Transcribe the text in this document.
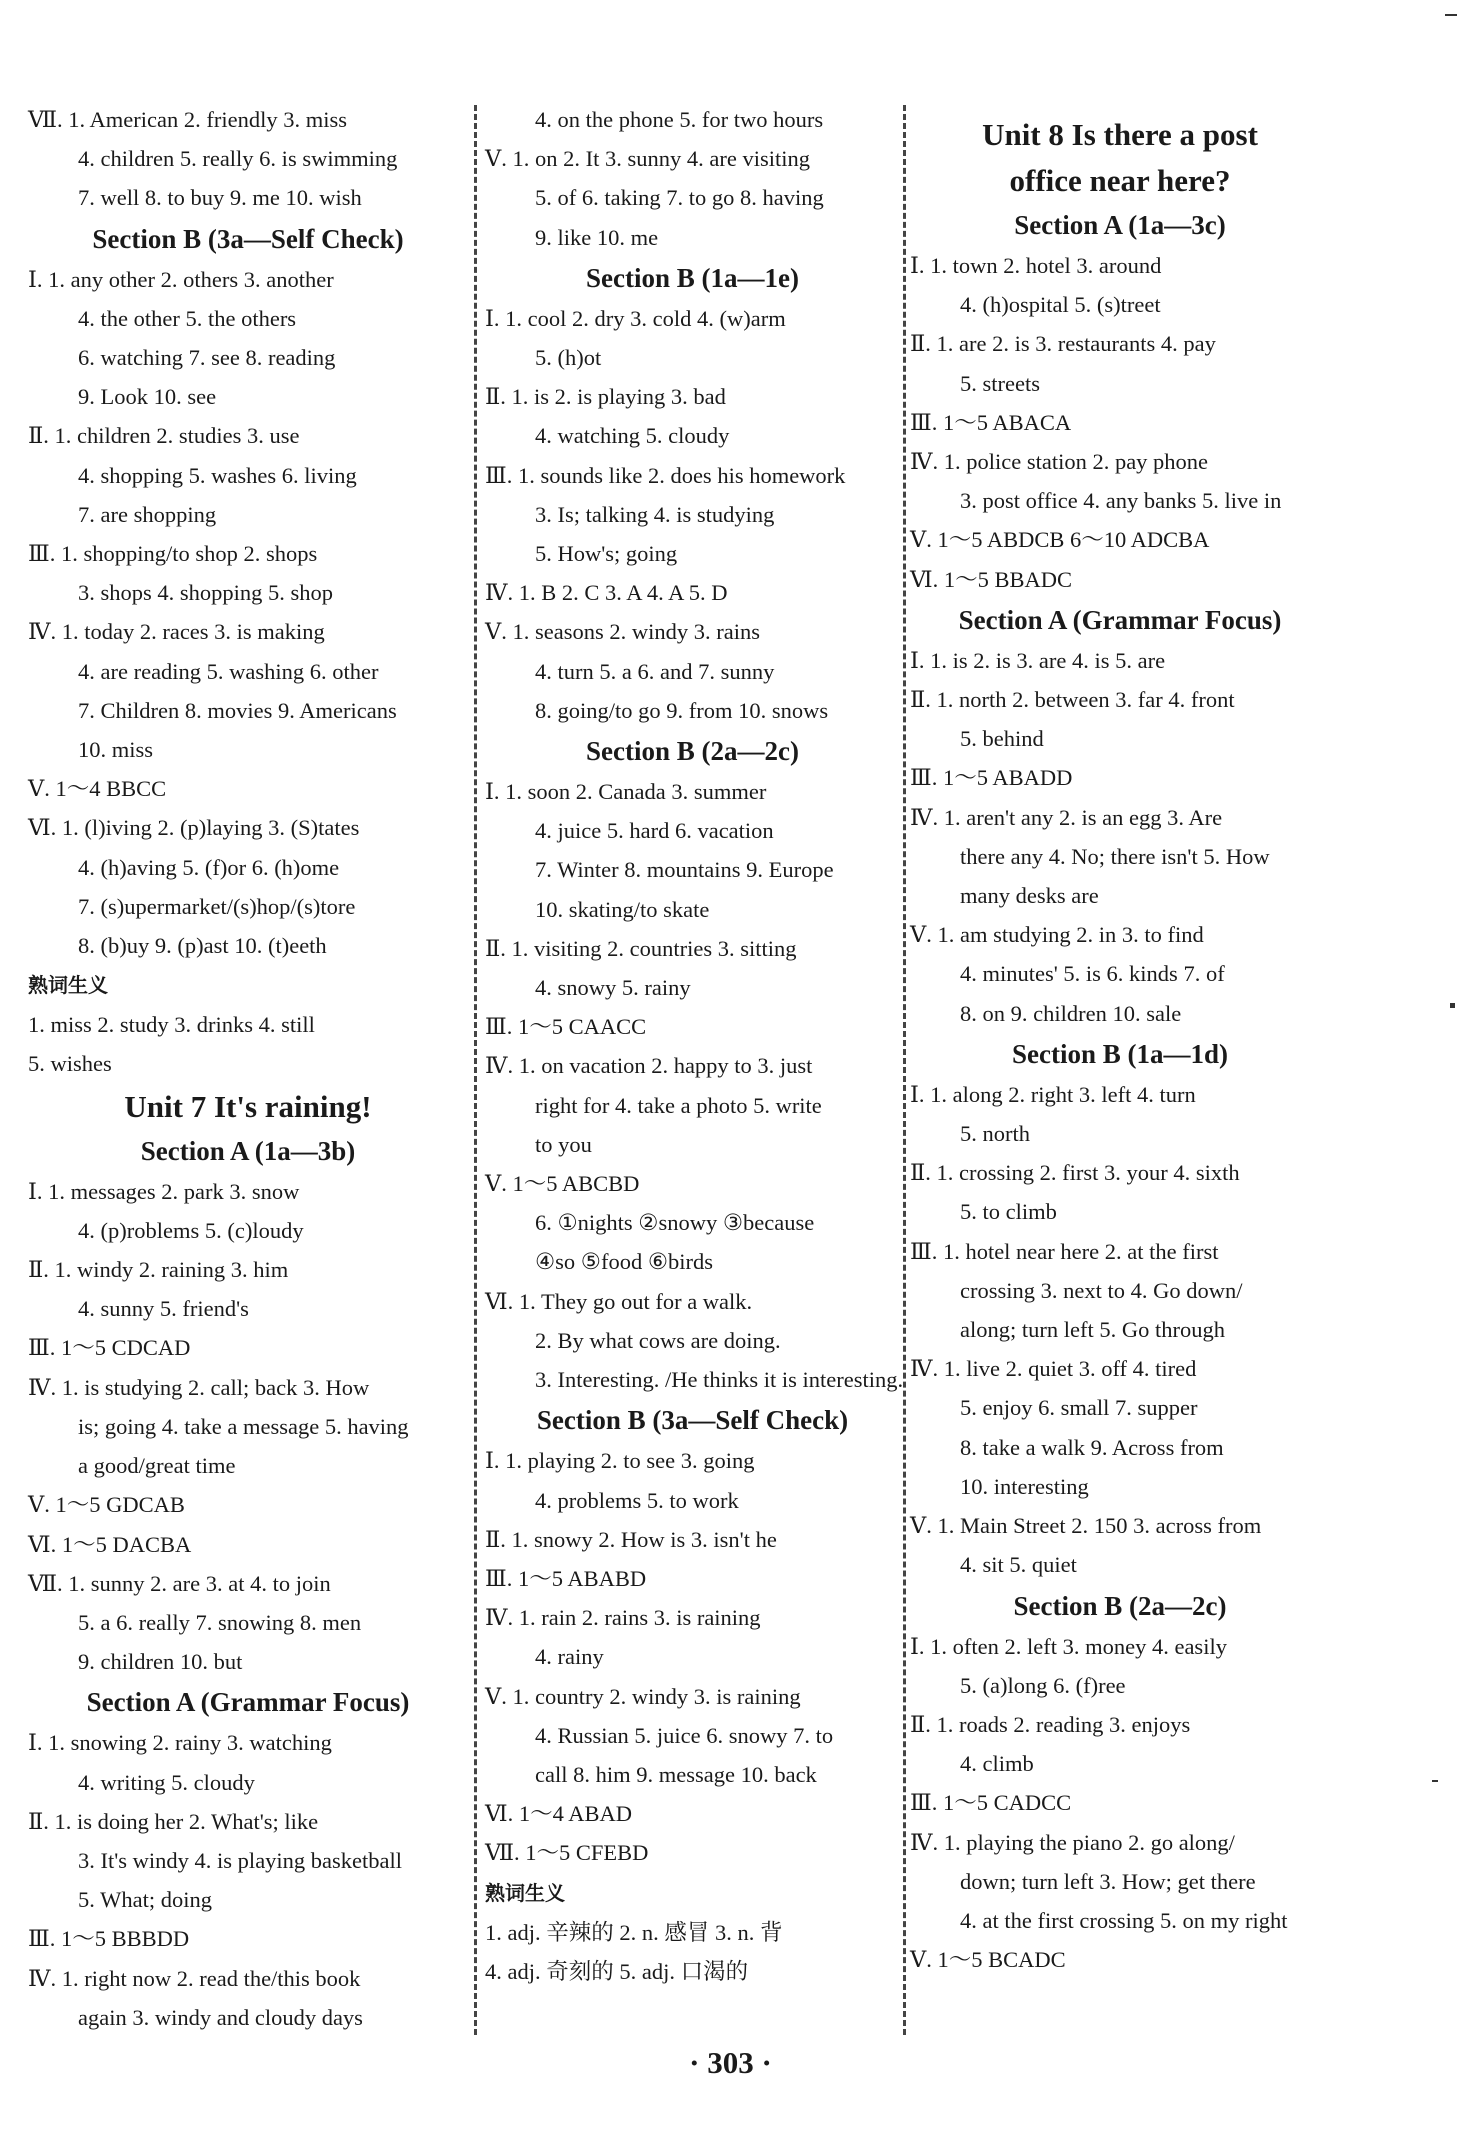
Ⅶ. 1. American 2. friendly 3. miss
4. children 5. really 6. is swimming
7. well 8. to buy 9. me 10. wish
Section B (3a—Self Check)
Ⅰ. 1. any other 2. others 3. another
4. the other 5. the others
6. watching 7. see 8. reading
9. Look 10. see
Ⅱ. 1. children 2. studies 3. use
4. shopping 5. washes 6. living
7. are shopping
Ⅲ. 1. shopping/to shop 2. shops
3. shops 4. shopping 5. shop
Ⅳ. 1. today 2. races 3. is making
4. are reading 5. washing 6. other
7. Children 8. movies 9. Americans
10. miss
Ⅴ. 1～4 BBCC
Ⅵ. 1. (l)iving 2. (p)laying 3. (S)tates
4. (h)aving 5. (f)or 6. (h)ome
7. (s)upermarket/(s)hop/(s)tore
8. (b)uy 9. (p)ast 10. (t)eeth
熟词生义
1. miss 2. study 3. drinks 4. still
5. wishes
Unit 7 It's raining!
Section A (1a—3b)
Ⅰ. 1. messages 2. park 3. snow
4. (p)roblems 5. (c)loudy
Ⅱ. 1. windy 2. raining 3. him
4. sunny 5. friend's
Ⅲ. 1～5 CDCAD
Ⅳ. 1. is studying 2. call; back 3. How
is; going 4. take a message 5. having
a good/great time
Ⅴ. 1～5 GDCAB
Ⅵ. 1～5 DACBA
Ⅶ. 1. sunny 2. are 3. at 4. to join
5. a 6. really 7. snowing 8. men
9. children 10. but
Section A (Grammar Focus)
Ⅰ. 1. snowing 2. rainy 3. watching
4. writing 5. cloudy
Ⅱ. 1. is doing her 2. What's; like
3. It's windy 4. is playing basketball
5. What; doing
Ⅲ. 1～5 BBBDD
Ⅳ. 1. right now 2. read the/this book
again 3. windy and cloudy days
4. on the phone 5. for two hours
Ⅴ. 1. on 2. It 3. sunny 4. are visiting
5. of 6. taking 7. to go 8. having
9. like 10. me
Section B (1a—1e)
Ⅰ. 1. cool 2. dry 3. cold 4. (w)arm
5. (h)ot
Ⅱ. 1. is 2. is playing 3. bad
4. watching 5. cloudy
Ⅲ. 1. sounds like 2. does his homework
3. Is; talking 4. is studying
5. How's; going
Ⅳ. 1. B 2. C 3. A 4. A 5. D
Ⅴ. 1. seasons 2. windy 3. rains
4. turn 5. a 6. and 7. sunny
8. going/to go 9. from 10. snows
Section B (2a—2c)
Ⅰ. 1. soon 2. Canada 3. summer
4. juice 5. hard 6. vacation
7. Winter 8. mountains 9. Europe
10. skating/to skate
Ⅱ. 1. visiting 2. countries 3. sitting
4. snowy 5. rainy
Ⅲ. 1～5 CAACC
Ⅳ. 1. on vacation 2. happy to 3. just
right for 4. take a photo 5. write
to you
Ⅴ. 1～5 ABCBD
6. ①nights ②snowy ③because
④so ⑤food ⑥birds
Ⅵ. 1. They go out for a walk.
2. By what cows are doing.
3. Interesting. /He thinks it is interesting.
Section B (3a—Self Check)
Ⅰ. 1. playing 2. to see 3. going
4. problems 5. to work
Ⅱ. 1. snowy 2. How is 3. isn't he
Ⅲ. 1～5 ABABD
Ⅳ. 1. rain 2. rains 3. is raining
4. rainy
Ⅴ. 1. country 2. windy 3. is raining
4. Russian 5. juice 6. snowy 7. to
call 8. him 9. message 10. back
Ⅵ. 1～4 ABAD
Ⅶ. 1～5 CFEBD
熟词生义
1. adj. 辛辣的 2. n. 感冒 3. n. 背
4. adj. 奇刻的 5. adj. 口渴的
Unit 8 Is there a post
office near here?
Section A (1a—3c)
Ⅰ. 1. town 2. hotel 3. around
4. (h)ospital 5. (s)treet
Ⅱ. 1. are 2. is 3. restaurants 4. pay
5. streets
Ⅲ. 1～5 ABACA
Ⅳ. 1. police station 2. pay phone
3. post office 4. any banks 5. live in
Ⅴ. 1～5 ABDCB 6～10 ADCBA
Ⅵ. 1～5 BBADC
Section A (Grammar Focus)
Ⅰ. 1. is 2. is 3. are 4. is 5. are
Ⅱ. 1. north 2. between 3. far 4. front
5. behind
Ⅲ. 1～5 ABADD
Ⅳ. 1. aren't any 2. is an egg 3. Are
there any 4. No; there isn't 5. How
many desks are
Ⅴ. 1. am studying 2. in 3. to find
4. minutes' 5. is 6. kinds 7. of
8. on 9. children 10. sale
Section B (1a—1d)
Ⅰ. 1. along 2. right 3. left 4. turn
5. north
Ⅱ. 1. crossing 2. first 3. your 4. sixth
5. to climb
Ⅲ. 1. hotel near here 2. at the first
crossing 3. next to 4. Go down/
along; turn left 5. Go through
Ⅳ. 1. live 2. quiet 3. off 4. tired
5. enjoy 6. small 7. supper
8. take a walk 9. Across from
10. interesting
Ⅴ. 1. Main Street 2. 150 3. across from
4. sit 5. quiet
Section B (2a—2c)
Ⅰ. 1. often 2. left 3. money 4. easily
5. (a)long 6. (f)ree
Ⅱ. 1. roads 2. reading 3. enjoys
4. climb
Ⅲ. 1～5 CADCC
Ⅳ. 1. playing the piano 2. go along/
down; turn left 3. How; get there
4. at the first crossing 5. on my right
Ⅴ. 1～5 BCADC
· 303 ·
